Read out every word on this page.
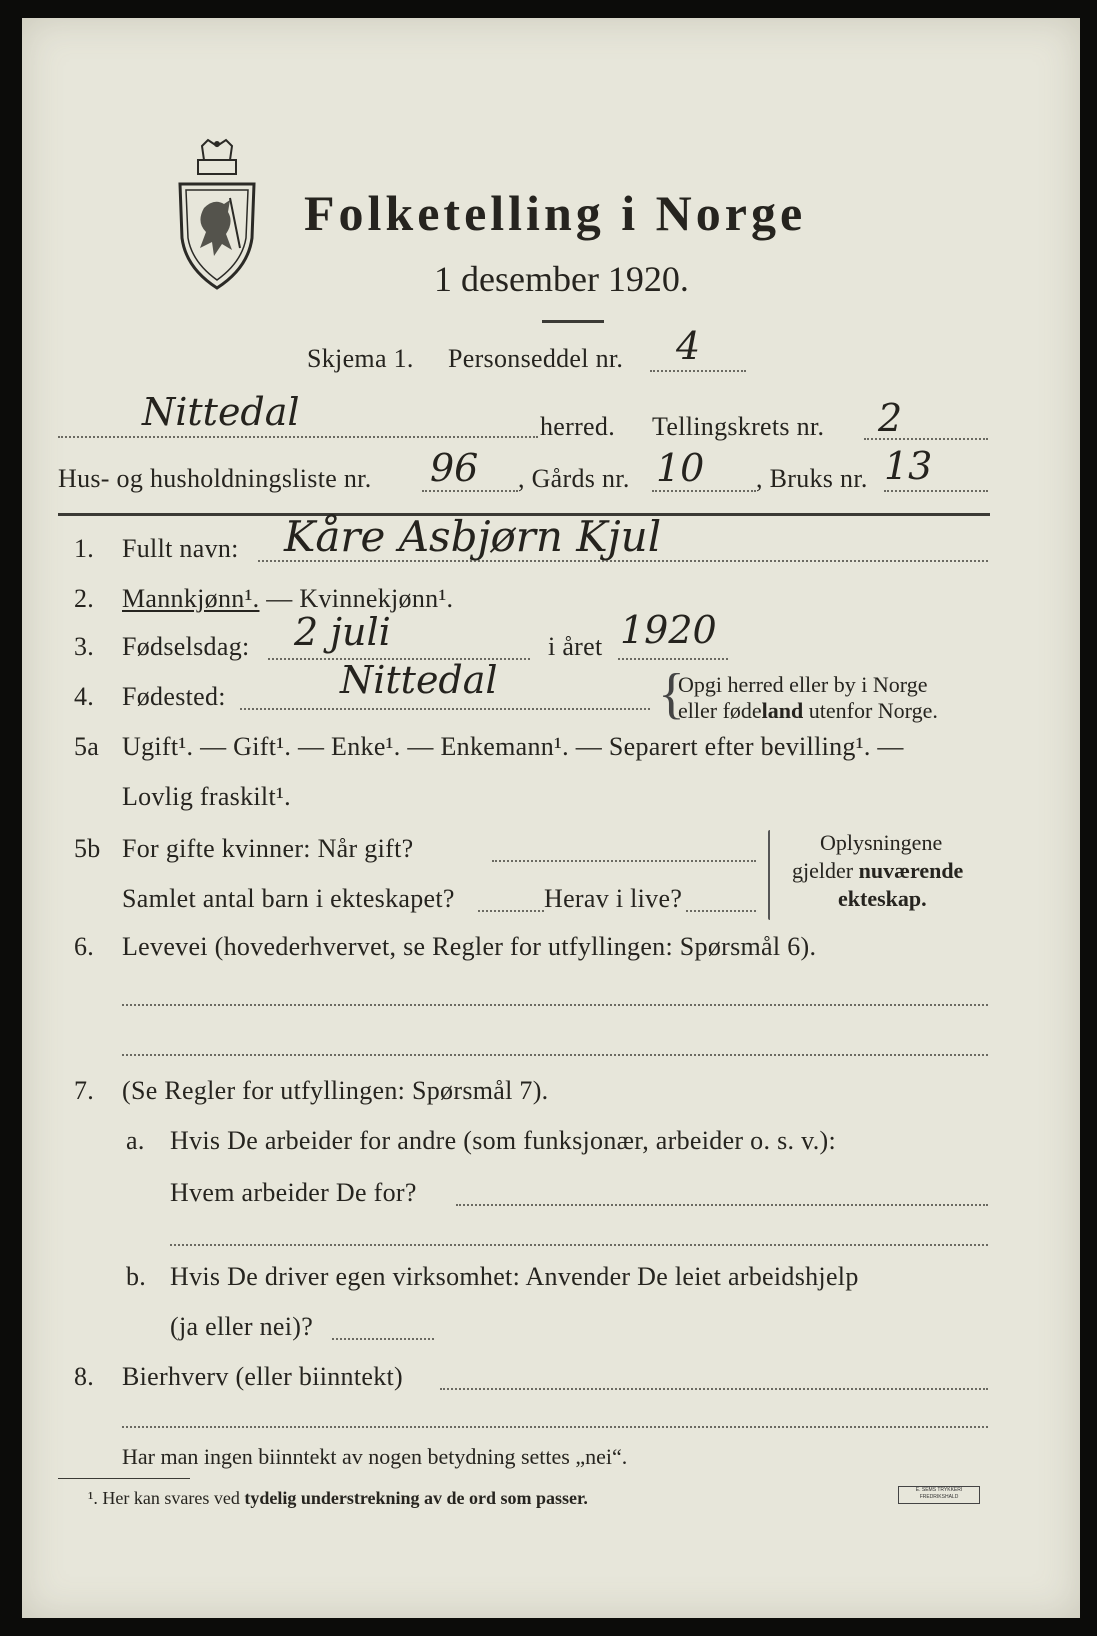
Folketelling i Norge
1 desember 1920.
Skjema 1. Personseddel nr. 4
Nittedal	herred. Tellingskrets nr. 2
Hus- og husholdningsliste nr. 96 , Gårds nr. 10 , Bruks nr. 13
1. Fullt navn: Kåre Asbjørn Kjul
2. Mannkjønn¹. — Kvinnekjønn¹.
3. Fødselsdag: 2 juli	i året 1920
4. Fødested:	Nittedal	{
Opgi herred eller by i Norge
eller fødeland utenfor Norge.
5a Ugift¹. — Gift¹. — Enke¹. — Enkemann¹. — Separert efter bevilling¹. —
Lovlig fraskilt¹.
5b For gifte kvinner: Når gift?
Samlet antal barn i ekteskapet?	Herav i live?
Oplysningene
gjelder nuværende
ekteskap.
6. Levevei (hovederhvervet, se Regler for utfyllingen: Spørsmål 6).
7. (Se Regler for utfyllingen: Spørsmål 7).
a. Hvis De arbeider for andre (som funksjonær, arbeider o. s. v.):
Hvem arbeider De for?
b. Hvis De driver egen virksomhet: Anvender De leiet arbeidshjelp
(ja eller nei)?
8. Bierhverv (eller biinntekt)
Har man ingen biinntekt av nogen betydning settes „nei“.
¹. Her kan svares ved tydelig understrekning av de ord som passer.	E. SEMS TRYKKERI FREDRIKSHALD
